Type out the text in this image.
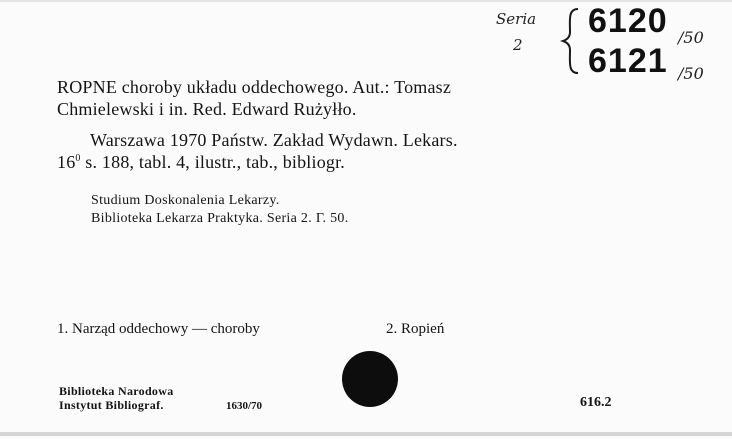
Seria
2
6120 /50
6121 /50
ROPNE choroby układu oddechowego. Aut.: Tomasz
Chmielewski i in. Red. Edward Rużyłło.
Warszawa 1970 Państw. Zakład Wydawn. Lekars.
$16^0$ s. 188, tabl. 4, ilustr., tab., bibliogr.
Studium Doskonalenia Lekarzy.
Biblioteka Lekarza Praktyka. Seria 2. Γ. 50.
1. Narząd oddechowy — choroby	2. Ropień
Biblioteka Narodowa
Instytut Bibliograf.	1630/70	616.2
